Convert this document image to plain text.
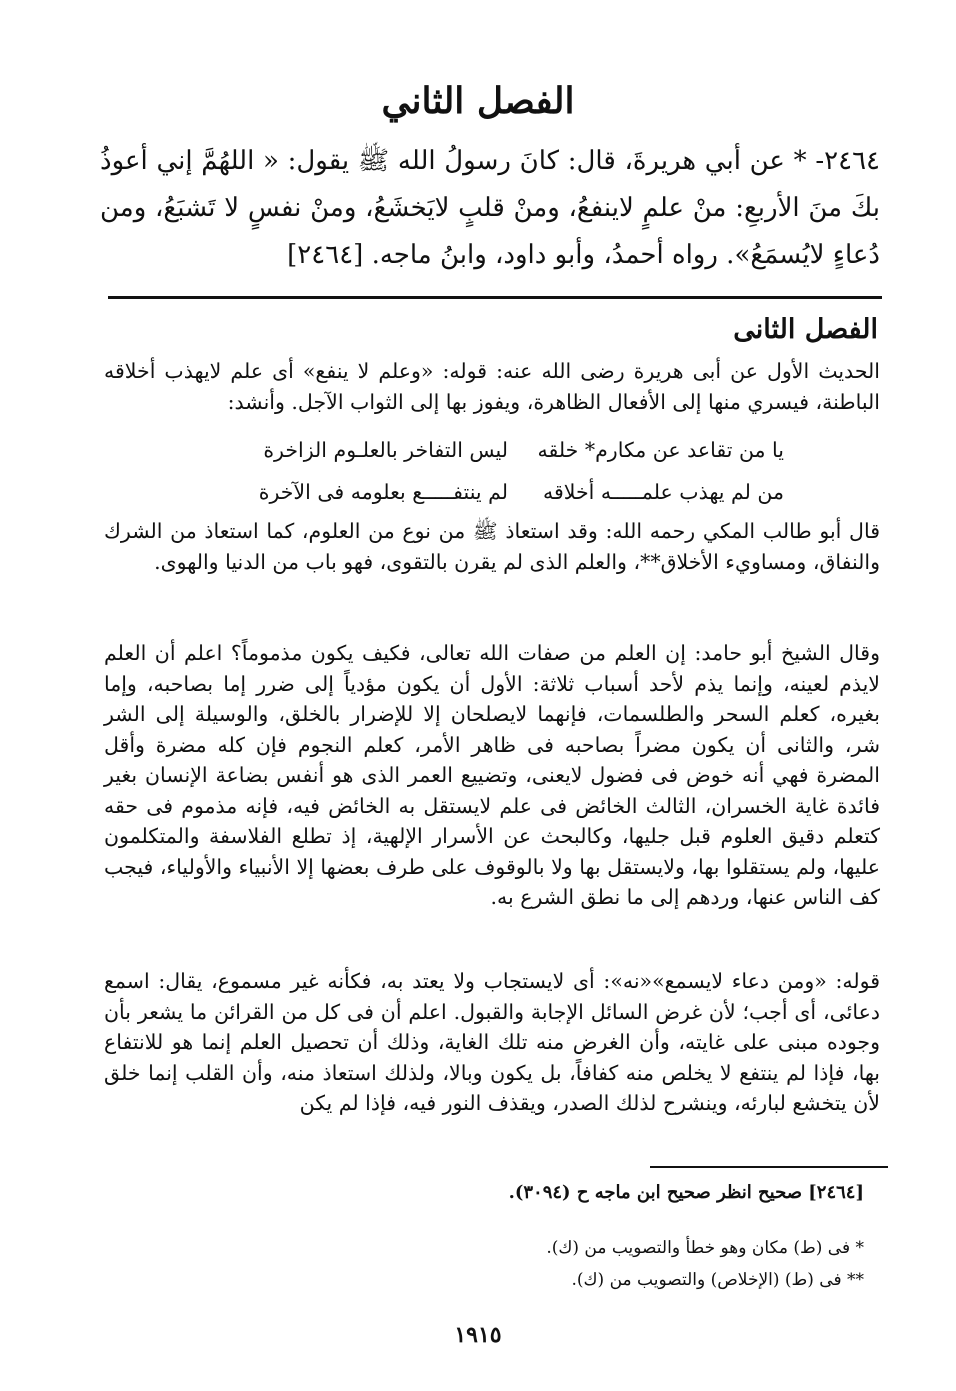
الفصل الثاني
٢٤٦٤- * عن أبي هريرةَ، قال: كانَ رسولُ الله ﷺ يقول: « اللهُمَّ إني أعوذُ بكَ منَ الأربعِ: منْ علمٍ لاينفعُ، ومنْ قلبٍ لايَخشَعُ، ومنْ نفسٍ لا تَشبَعُ، ومن دُعاءٍ لايُسمَعُ». رواه أحمدُ، وأبو داود، وابنُ ماجه. [٢٤٦٤]
الفصل الثانى
الحديث الأول عن أبى هريرة رضى الله عنه: قوله: «وعلم لا ينفع» أى علم لايهذب أخلاقه الباطنة، فيسري منها إلى الأفعال الظاهرة، ويفوز بها إلى الثواب الآجل. وأنشد:
يا من تقاعد عن مكارم* خلقه
ليس التفاخر بالعلـوم الزاخرة
من لم يهذب علمـــــه أخلاقه
لم ينتفـــــع بعلومه فى الآخرة
قال أبو طالب المكي رحمه الله: وقد استعاذ ﷺ من نوع من العلوم، كما استعاذ من الشرك والنفاق، ومساويء الأخلاق**، والعلم الذى لم يقرن بالتقوى، فهو باب من الدنيا والهوى.
وقال الشيخ أبو حامد: إن العلم من صفات الله تعالى، فكيف يكون مذموماً؟ اعلم أن العلم لايذم لعينه، وإنما يذم لأحد أسباب ثلاثة: الأول أن يكون مؤدياً إلى ضرر إما بصاحبه، وإما بغيره، كعلم السحر والطلسمات، فإنهما لايصلحان إلا للإضرار بالخلق، والوسيلة إلى الشر شر، والثانى أن يكون مضراً بصاحبه فى ظاهر الأمر، كعلم النجوم فإن كله مضرة وأقل المضرة فهي أنه خوض فى فضول لايعنى، وتضييع العمر الذى هو أنفس بضاعة الإنسان بغير فائدة غاية الخسران، الثالث الخائض فى علم لايستقل به الخائض فيه، فإنه مذموم فى حقه كتعلم دقيق العلوم قبل جليها، وكالبحث عن الأسرار الإلهية، إذ تطلع الفلاسفة والمتكلمون عليها، ولم يستقلوا بها، ولايستقل بها ولا بالوقوف على طرف بعضها إلا الأنبياء والأولياء، فيجب كف الناس عنها، وردهم إلى ما نطق الشرع به.
قوله: «ومن دعاء لايسمع»«نه»: أى لايستجاب ولا يعتد به، فكأنه غير مسموع، يقال: اسمع دعائى، أى أجب؛ لأن غرض السائل الإجابة والقبول. اعلم أن فى كل من القرائن ما يشعر بأن وجوده مبنى على غايته، وأن الغرض منه تلك الغاية، وذلك أن تحصيل العلم إنما هو للانتفاع بها، فإذا لم ينتفع لا يخلص منه كفافاً، بل يكون وبالا، ولذلك استعاذ منه، وأن القلب إنما خلق لأن يتخشع لبارئه، وينشرح لذلك الصدر، ويقذف النور فيه، فإذا لم يكن
[٢٤٦٤] صحيح انظر صحيح ابن ماجه ح (٣٠٩٤).
* فى (ط) مكان وهو خطأ والتصويب من (ك).
** فى (ط) (الإخلاص) والتصويب من (ك).
١٩١٥
